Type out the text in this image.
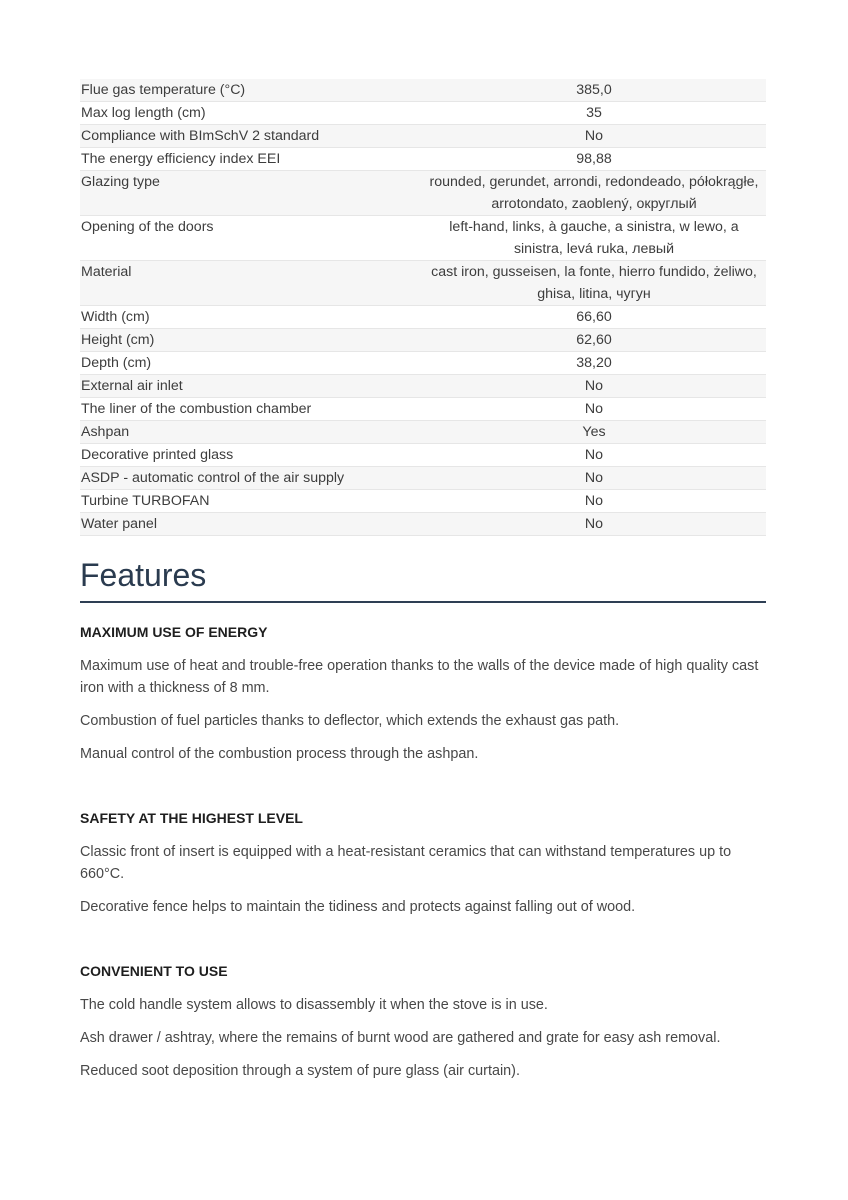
Flue gas temperature (°C)	385,0
Max log length (cm)	35
Compliance with BImSchV 2 standard	No
The energy efficiency index EEI	98,88
Glazing type	rounded, gerundet, arrondi, redondeado, półokrągłe, arrotondato, zaoblený, округлый
Opening of the doors	left-hand, links, à gauche, a sinistra, w lewo, a sinistra, levá ruka, левый
Material	cast iron, gusseisen, la fonte, hierro fundido, żeliwo, ghisa, litina, чугун
Width (cm)	66,60
Height (cm)	62,60
Depth (cm)	38,20
External air inlet	No
The liner of the combustion chamber	No
Ashpan	Yes
Decorative printed glass	No
ASDP - automatic control of the air supply	No
Turbine TURBOFAN	No
Water panel	No
Features
MAXIMUM USE OF ENERGY

Maximum use of heat and trouble-free operation thanks to the walls of the device made of high quality cast iron with a thickness of 8 mm.

Combustion of fuel particles thanks to deflector, which extends the exhaust gas path.

Manual control of the combustion process through the ashpan.

SAFETY AT THE HIGHEST LEVEL

Classic front of insert is equipped with a heat-resistant ceramics that can withstand temperatures up to 660°C.

Decorative fence helps to maintain the tidiness and protects against falling out of wood.

CONVENIENT TO USE

The cold handle system allows to disassembly it when the stove is in use.

Ash drawer / ashtray, where the remains of burnt wood are gathered and grate for easy ash removal.

Reduced soot deposition through a system of pure glass (air curtain).
